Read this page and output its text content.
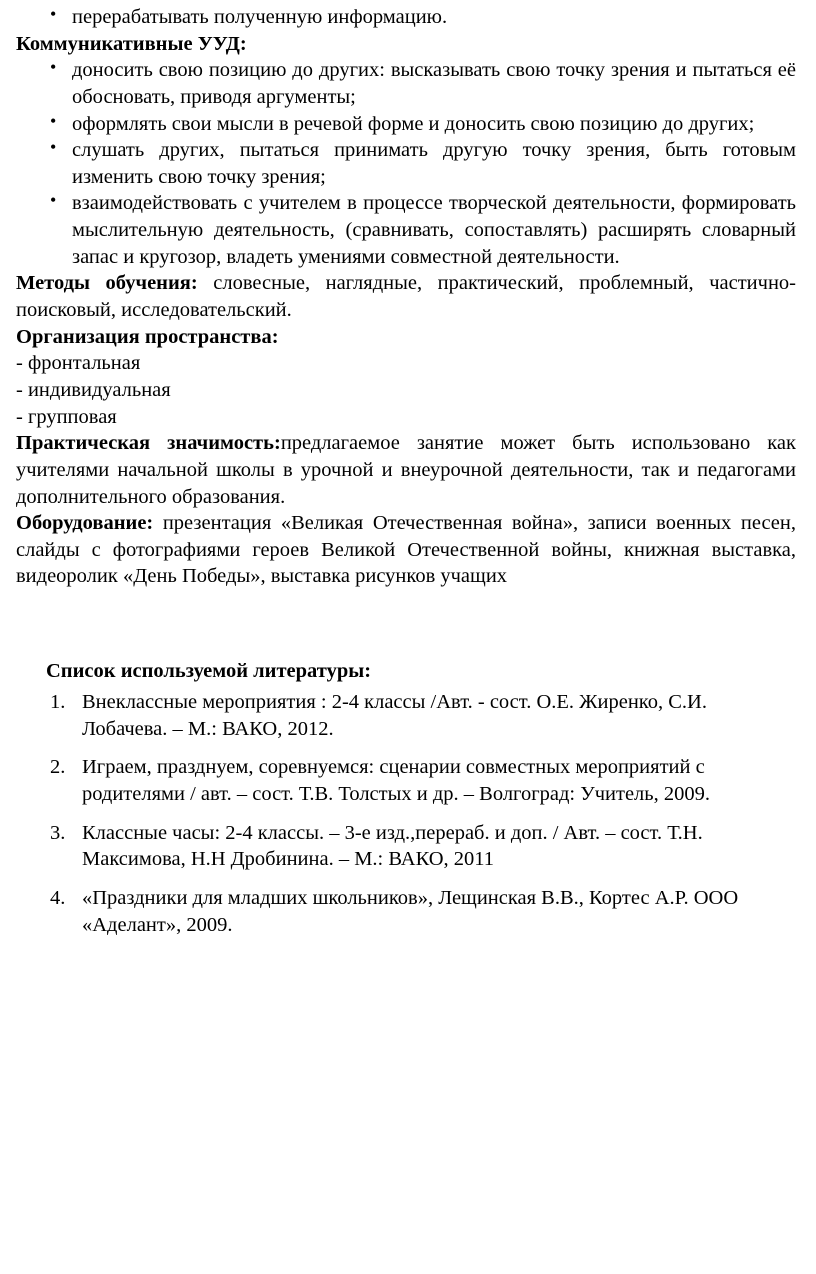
• перерабатывать полученную информацию.

Коммуникативные УУД:

• доносить свою позицию до других: высказывать свою точку зрения и пытаться её обосновать, приводя аргументы;
• оформлять свои мысли в речевой форме и доносить свою позицию до других;
• слушать других, пытаться принимать другую точку зрения, быть готовым изменить свою точку зрения;
• взаимодействовать с учителем в процессе творческой деятельности, формировать мыслительную деятельность, (сравнивать, сопоставлять) расширять словарный запас и кругозор, владеть умениями совместной деятельности.

Методы обучения: словесные, наглядные, практический, проблемный, частично-поисковый, исследовательский.

Организация пространства:

- фронтальная

- индивидуальная

- групповая

Практическая значимость:предлагаемое занятие может быть использовано как учителями начальной школы в урочной и внеурочной деятельности, так и педагогами дополнительного образования.

Оборудование: презентация «Великая Отечественная война», записи военных песен, слайды с фотографиями героев Великой Отечественной войны, книжная выставка, видеоролик «День Победы», выставка рисунков учащих

Список используемой литературы:

Внеклассные мероприятия : 2-4 классы /Авт. - сост. О.Е. Жиренко, С.И. Лобачева. – М.: ВАКО, 2012.
Играем, празднуем, соревнуемся: сценарии совместных мероприятий с родителями / авт. – сост. Т.В. Толстых и др. – Волгоград: Учитель, 2009.
Классные часы: 2-4 классы. – 3-е изд.,перераб. и доп. / Авт. – сост. Т.Н. Максимова, Н.Н Дробинина. – М.: ВАКО, 2011
«Праздники для младших школьников», Лещинская В.В., Кортес А.Р. ООО «Аделант», 2009.
